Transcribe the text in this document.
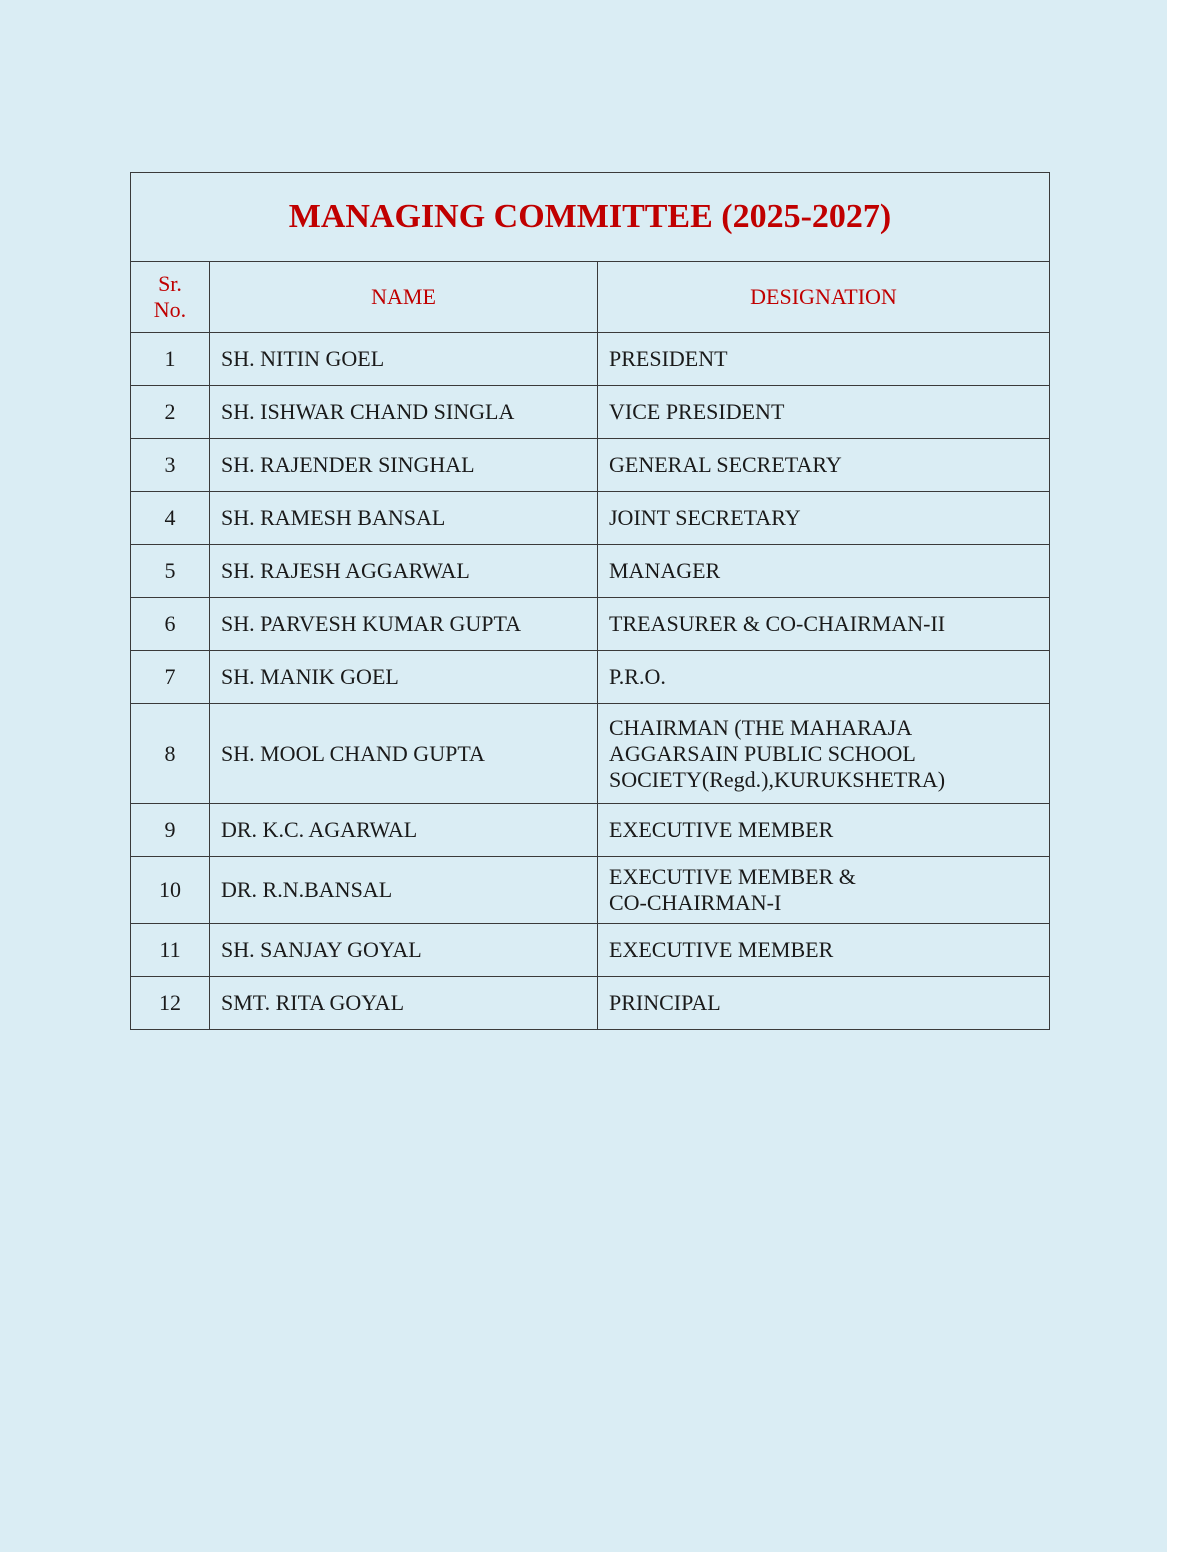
MANAGING COMMITTEE (2025-2027)		
Sr.
No.	NAME	DESIGNATION
1	SH. NITIN GOEL	PRESIDENT
2	SH. ISHWAR CHAND SINGLA	VICE PRESIDENT
3	SH. RAJENDER SINGHAL	GENERAL SECRETARY
4	SH. RAMESH BANSAL	JOINT SECRETARY
5	SH. RAJESH AGGARWAL	MANAGER
6	SH. PARVESH KUMAR GUPTA	TREASURER & CO-CHAIRMAN-II
7	SH. MANIK GOEL	P.R.O.
8	SH. MOOL CHAND GUPTA	CHAIRMAN (THE MAHARAJA
AGGARSAIN PUBLIC SCHOOL
SOCIETY(Regd.),KURUKSHETRA)
9	DR. K.C. AGARWAL	EXECUTIVE MEMBER
10	DR. R.N.BANSAL	EXECUTIVE MEMBER &
CO-CHAIRMAN-I
11	SH. SANJAY GOYAL	EXECUTIVE MEMBER
12	SMT. RITA GOYAL	PRINCIPAL
